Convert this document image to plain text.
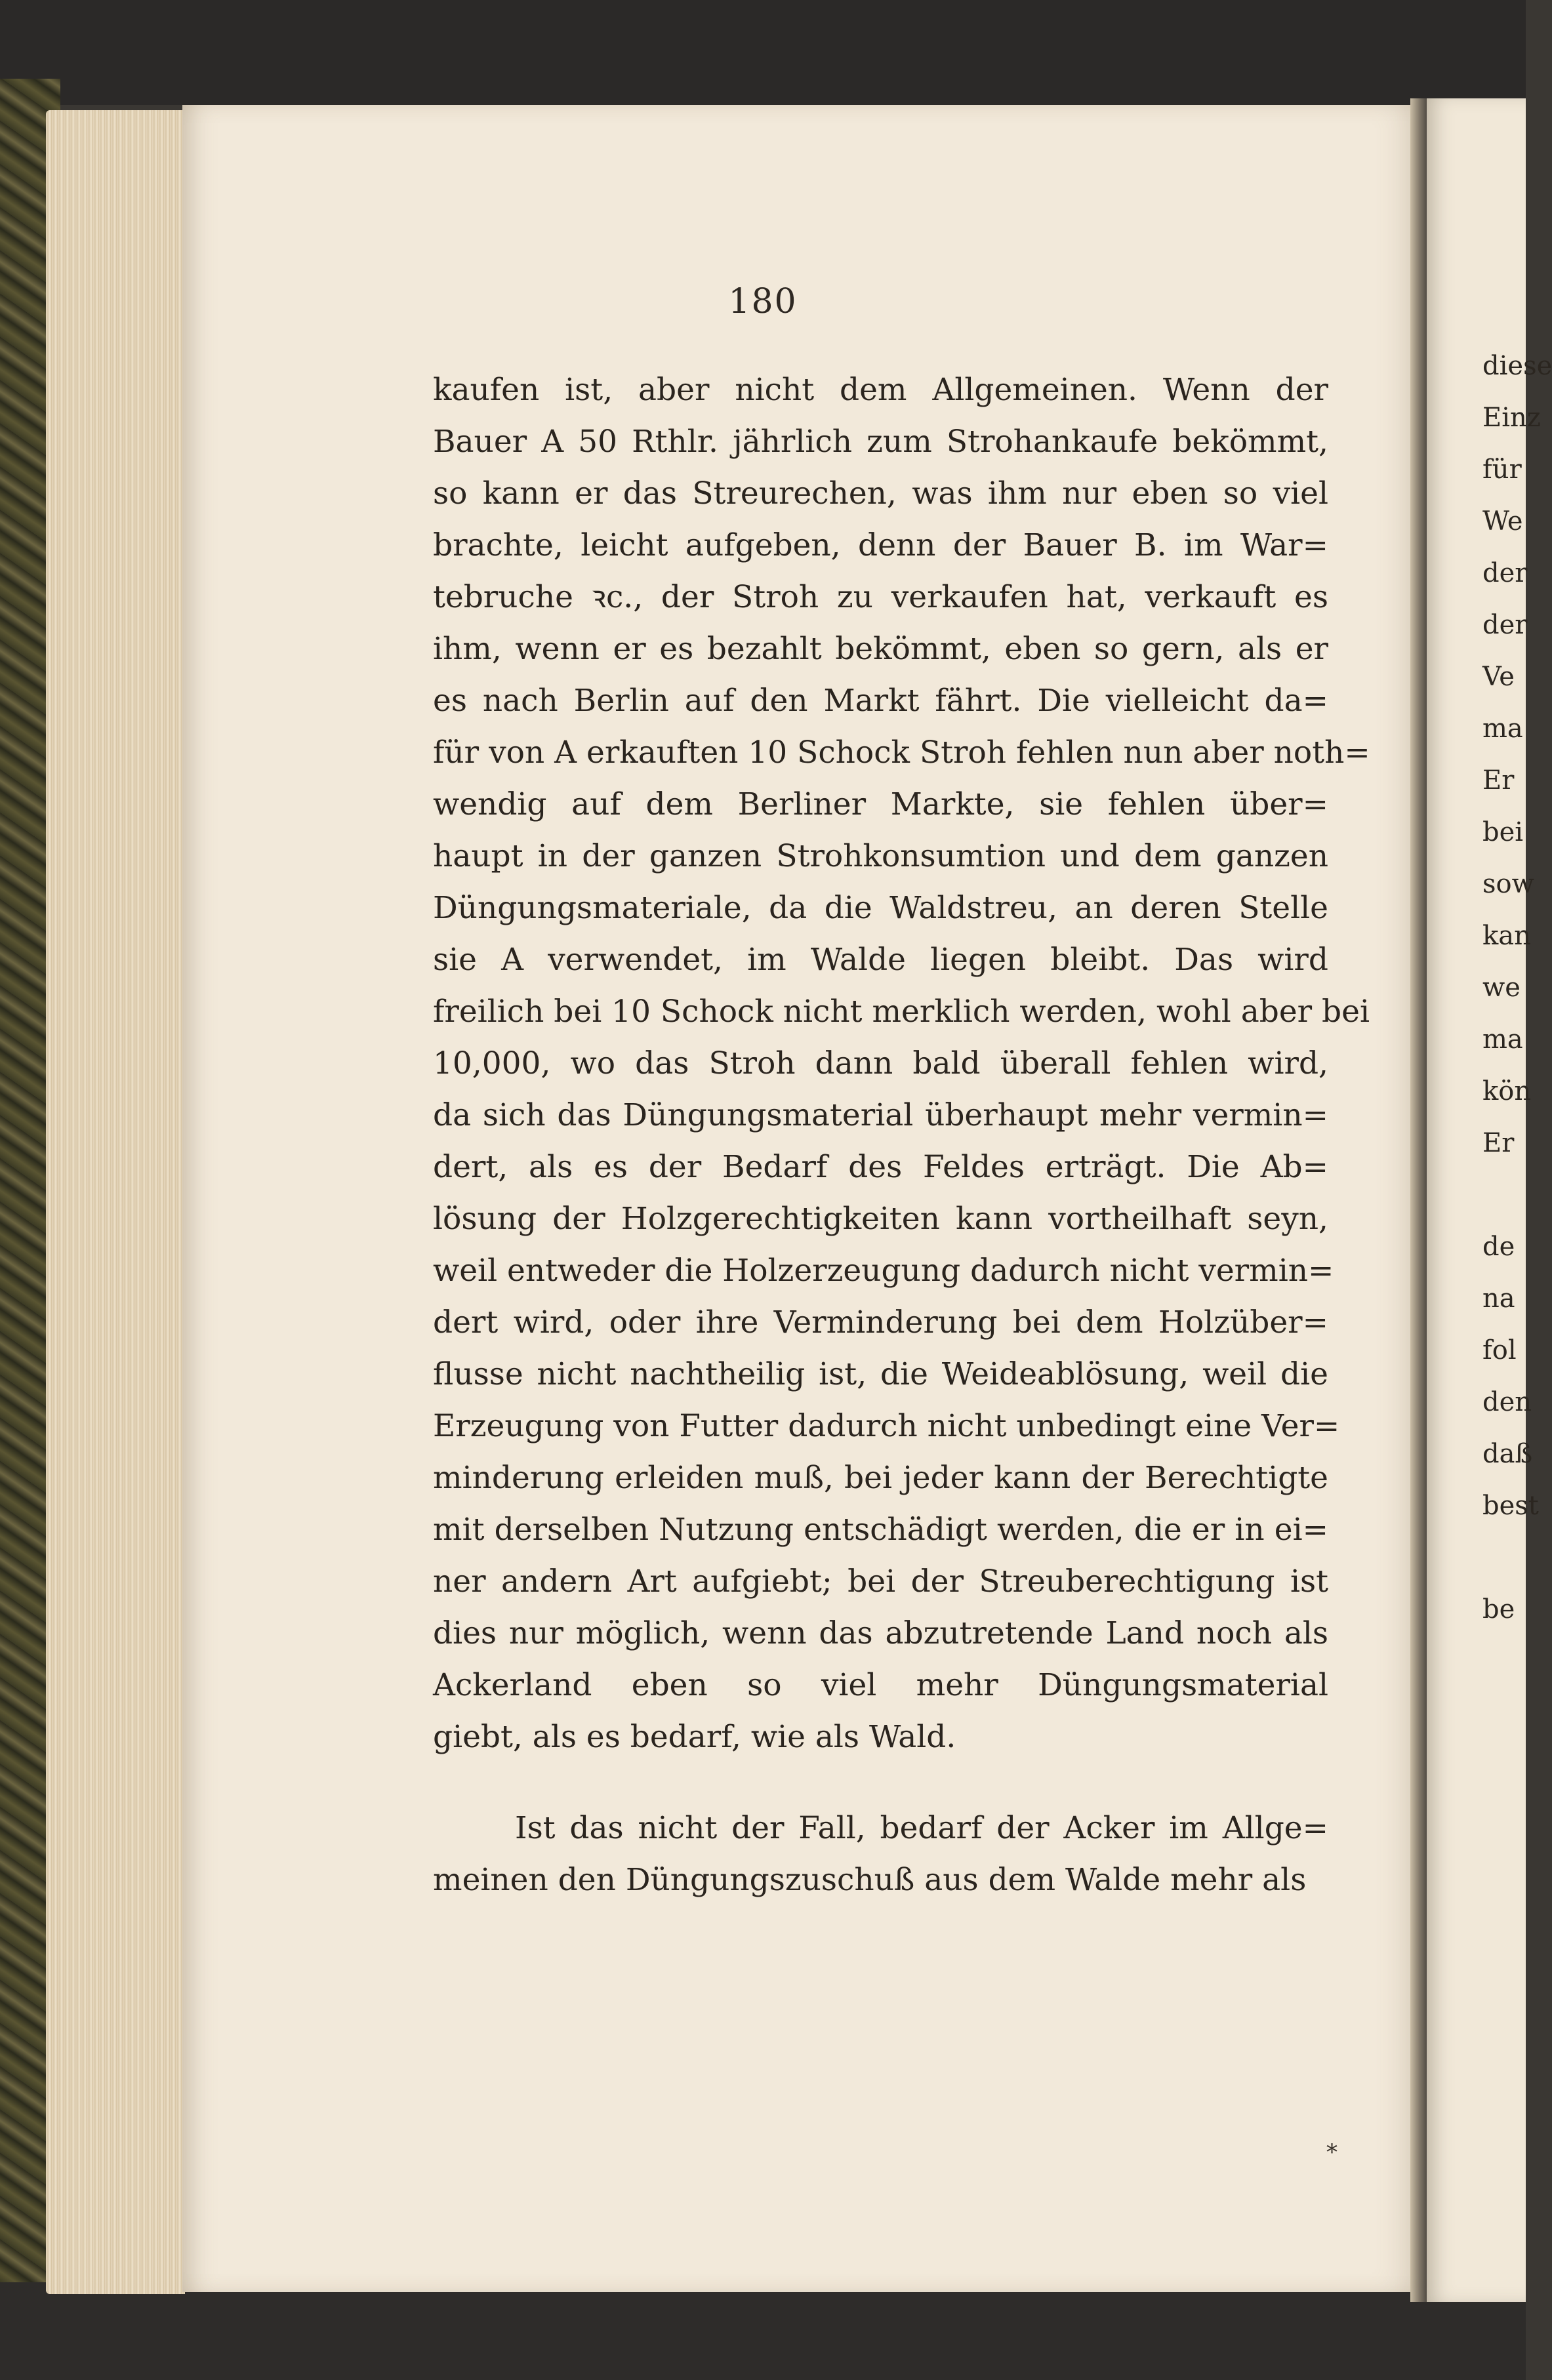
diese
Einz
für
We
der
der
Ve
ma
Er
bei
sow
kan
we
ma
kön
Er
de
na
fol
den
daß
best
be
180
kaufen ist, aber nicht dem Allgemeinen. Wenn der
Bauer A 50 Rthlr. jährlich zum Strohankaufe bekömmt,
so kann er das Streurechen, was ihm nur eben so viel
brachte, leicht aufgeben, denn der Bauer B. im War=
tebruche ꝛc., der Stroh zu verkaufen hat, verkauft es
ihm, wenn er es bezahlt bekömmt, eben so gern, als er
es nach Berlin auf den Markt fährt. Die vielleicht da=
für von A erkauften 10 Schock Stroh fehlen nun aber noth=
wendig auf dem Berliner Markte, sie fehlen über=
haupt in der ganzen Strohkonsumtion und dem ganzen
Düngungsmateriale, da die Waldstreu, an deren Stelle
sie A verwendet, im Walde liegen bleibt. Das wird
freilich bei 10 Schock nicht merklich werden, wohl aber bei
10,000, wo das Stroh dann bald überall fehlen wird,
da sich das Düngungsmaterial überhaupt mehr vermin=
dert, als es der Bedarf des Feldes erträgt. Die Ab=
lösung der Holzgerechtigkeiten kann vortheilhaft seyn,
weil entweder die Holzerzeugung dadurch nicht vermin=
dert wird, oder ihre Verminderung bei dem Holzüber=
flusse nicht nachtheilig ist, die Weideablösung, weil die
Erzeugung von Futter dadurch nicht unbedingt eine Ver=
minderung erleiden muß, bei jeder kann der Berechtigte
mit derselben Nutzung entschädigt werden, die er in ei=
ner andern Art aufgiebt; bei der Streuberechtigung ist
dies nur möglich, wenn das abzutretende Land noch als
Ackerland eben so viel mehr Düngungsmaterial
giebt, als es bedarf, wie als Wald.
Ist das nicht der Fall, bedarf der Acker im Allge=
meinen den Düngungszuschuß aus dem Walde mehr als
*
